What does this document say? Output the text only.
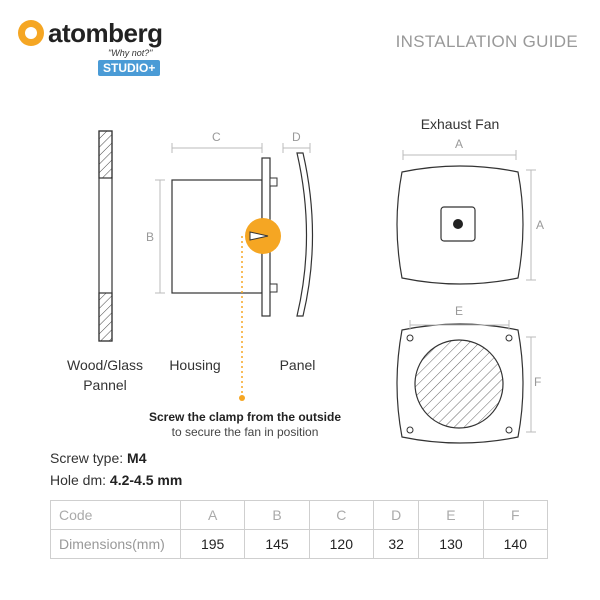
atomberg
"Why not?"
STUDIO+
INSTALLATION GUIDE
Wood/Glass
Pannel
Housing	Panel
Exhaust Fan
C	D
B
A
A
E
F
Screw the clamp from the outside
to secure the fan in position
Screw type: M4
Hole dm: 4.2-4.5 mm
Code	A	B	C	D	E	F
Dimensions(mm)	195	145	120	32	130	140
